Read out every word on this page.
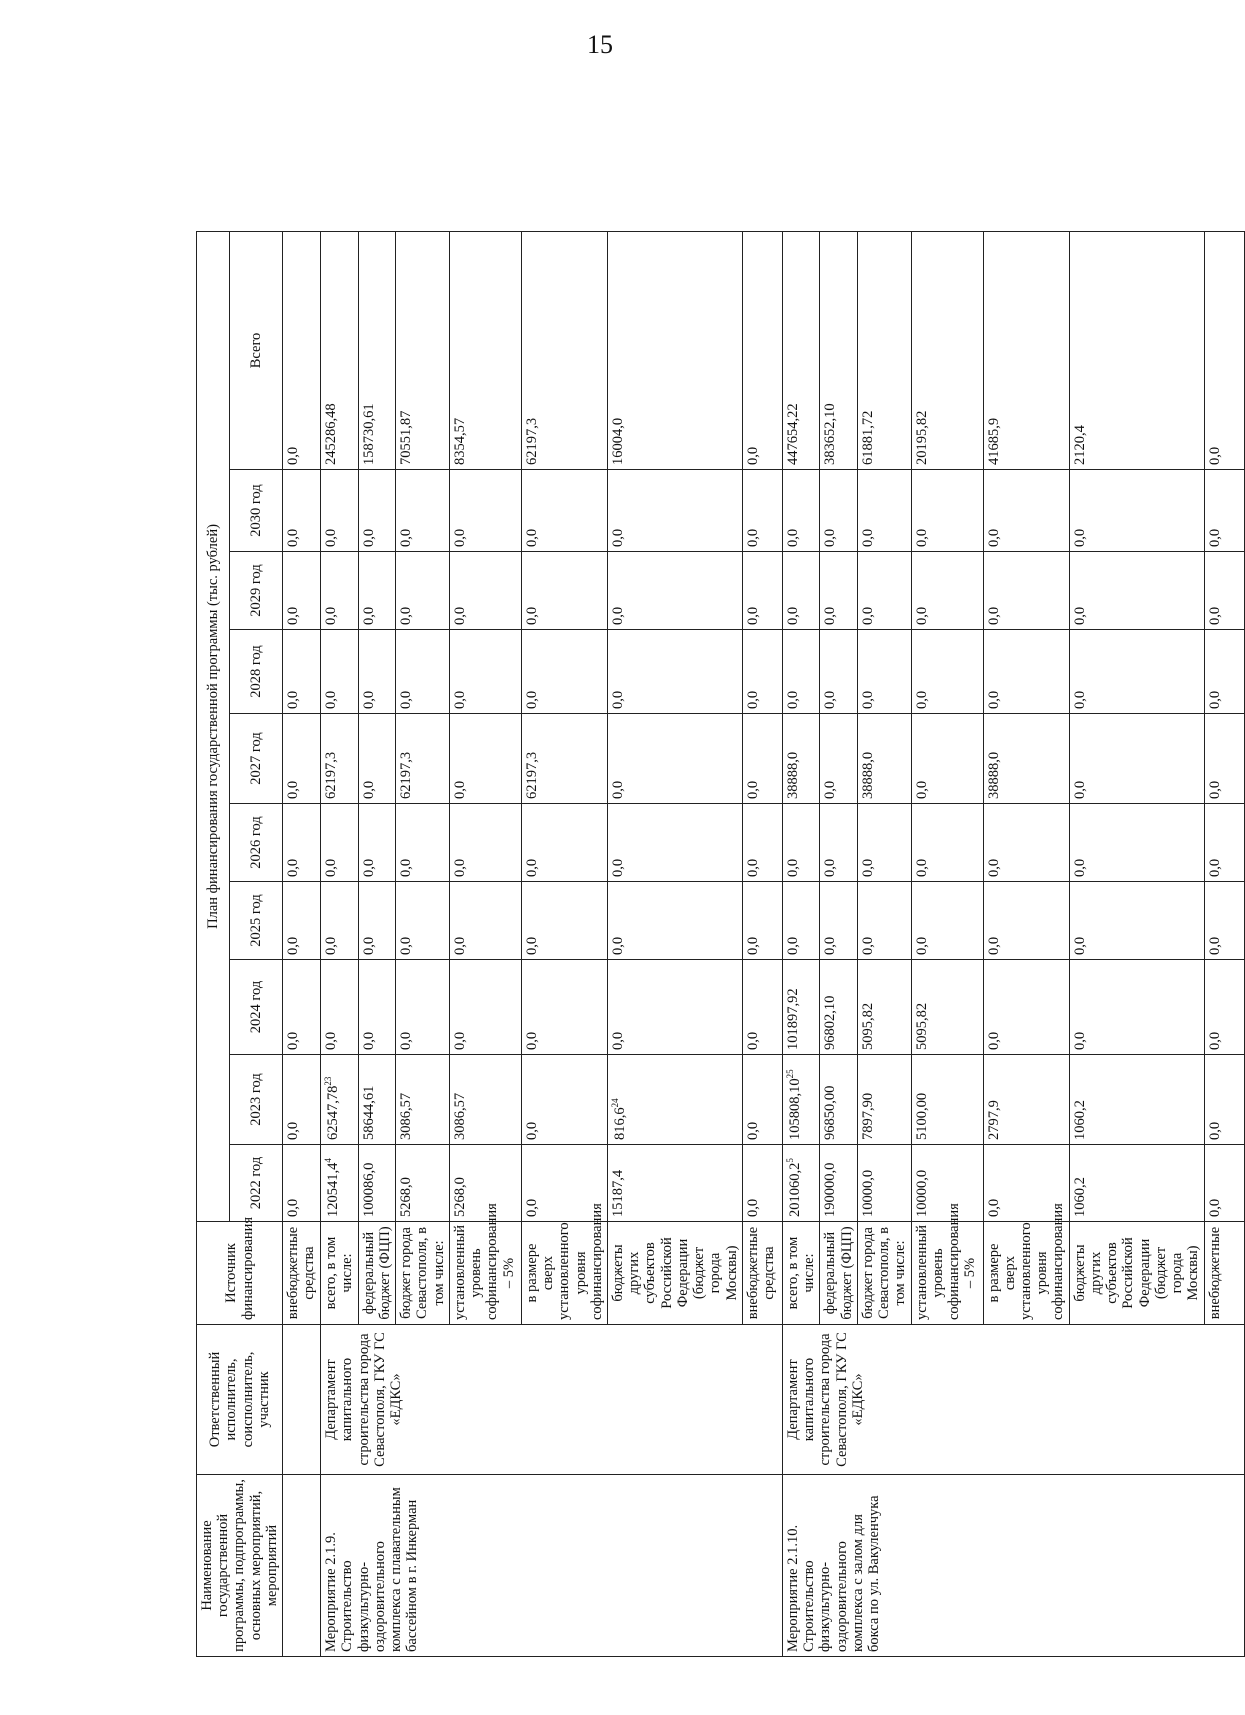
15
Наименование государственной программы, подпрограммы, основных мероприятий, мероприятий	Ответственный исполнитель, соисполнитель, участник	Источник финансирования	План финансирования государственной программы (тыс. рублей)									
			2022 год	2023 год	2024 год	2025 год	2026 год	2027 год	2028 год	2029 год	2030 год	Всего
		внебюджетные средства	0,0	0,0	0,0	0,0	0,0	0,0	0,0	0,0	0,0	0,0

Мероприятие 2.1.9. Строительство физкультурно-оздоровительного комплекса с плавательным бассейном в г. Инкерман	Департамент капитального строительства города Севастополя, ГКУ ГС «ЕДКС»	всего, в том числе:	120541,4$^4$	62547,78$^{23}$	0,0	0,0	0,0	62197,3	0,0	0,0	0,0	245286,48
		федеральный бюджет (ФЦП)	100086,0	58644,61	0,0	0,0	0,0	0,0	0,0	0,0	0,0	158730,61
		бюджет города Севастополя, в том числе:	5268,0	3086,57	0,0	0,0	0,0	62197,3	0,0	0,0	0,0	70551,87
		установленный уровень софинансирования – 5%	5268,0	3086,57	0,0	0,0	0,0	0,0	0,0	0,0	0,0	8354,57
		в размере сверх установленного уровня софинансирования	0,0	0,0	0,0	0,0	0,0	62197,3	0,0	0,0	0,0	62197,3
		бюджеты других субъектов Российской Федерации (бюджет города Москвы)	15187,4	816,6$^{24}$	0,0	0,0	0,0	0,0	0,0	0,0	0,0	16004,0
		внебюджетные средства	0,0	0,0	0,0	0,0	0,0	0,0	0,0	0,0	0,0	0,0

Мероприятие 2.1.10. Строительство физкультурно-оздоровительного комплекса с залом для бокса по ул. Вакуленчука	Департамент капитального строительства города Севастополя, ГКУ ГС «ЕДКС»	всего, в том числе:	201060,2$^5$	105808,10$^{25}$	101897,92	0,0	0,0	38888,0	0,0	0,0	0,0	447654,22
		федеральный бюджет (ФЦП)	190000,0	96850,00	96802,10	0,0	0,0	0,0	0,0	0,0	0,0	383652,10
		бюджет города Севастополя, в том числе:	10000,0	7897,90	5095,82	0,0	0,0	38888,0	0,0	0,0	0,0	61881,72
		установленный уровень софинансирования – 5%	10000,0	5100,00	5095,82	0,0	0,0	0,0	0,0	0,0	0,0	20195,82
		в размере сверх установленного уровня софинансирования	0,0	2797,9	0,0	0,0	0,0	38888,0	0,0	0,0	0,0	41685,9
		бюджеты других субъектов Российской Федерации (бюджет города Москвы)	1060,2	1060,2	0,0	0,0	0,0	0,0	0,0	0,0	0,0	2120,4
		внебюджетные	0,0	0,0	0,0	0,0	0,0	0,0	0,0	0,0	0,0	0,0
